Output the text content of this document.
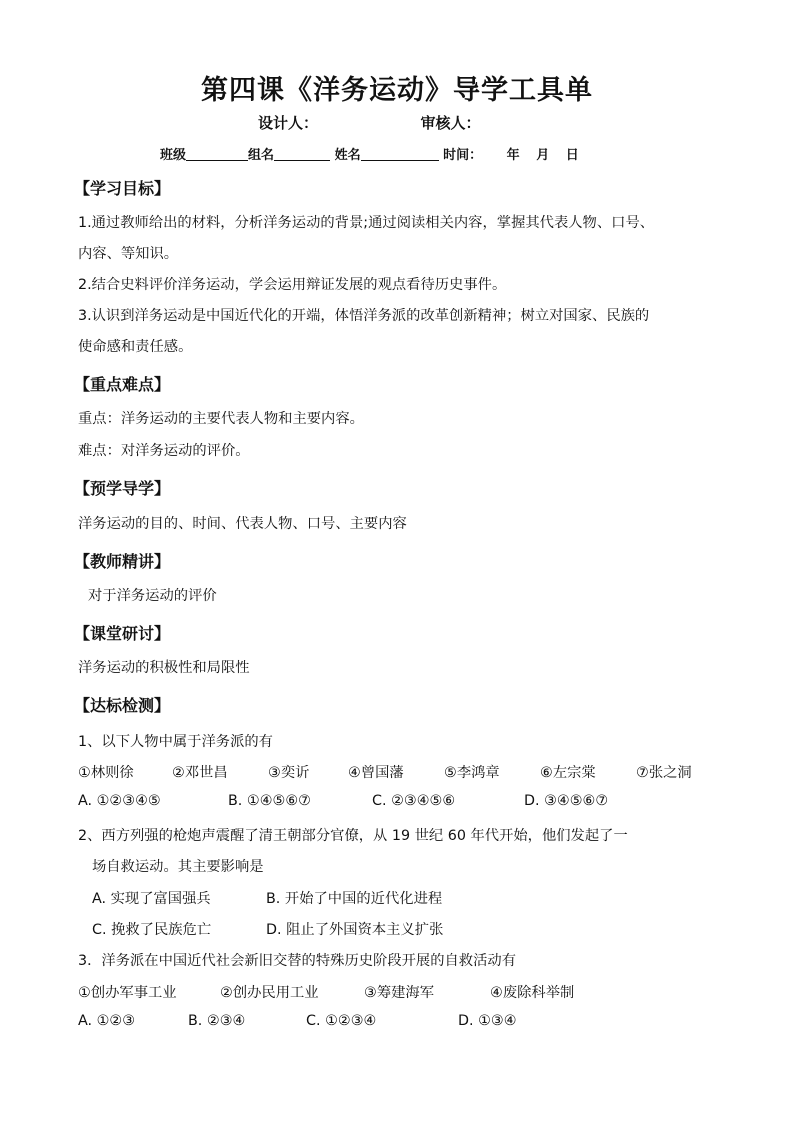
第四课《洋务运动》导学工具单
设计人：	审核人：
班级	组名	姓名	时间： 年 月 日
【学习目标】
1.通过教师给出的材料，分析洋务运动的背景;通过阅读相关内容，掌握其代表人物、口号、
内容、等知识。
2.结合史料评价洋务运动，学会运用辩证发展的观点看待历史事件。
3.认识到洋务运动是中国近代化的开端，体悟洋务派的改革创新精神；树立对国家、民族的
使命感和责任感。
【重点难点】
重点：洋务运动的主要代表人物和主要内容。
难点：对洋务运动的评价。
【预学导学】
洋务运动的目的、时间、代表人物、口号、主要内容
【教师精讲】
对于洋务运动的评价
【课堂研讨】
洋务运动的积极性和局限性
【达标检测】
1、以下人物中属于洋务派的有
①林则徐	②邓世昌	③奕䜣	④曾国藩	⑤李鸿章	⑥左宗棠	⑦张之洞
A. ①②③④⑤	B. ①④⑤⑥⑦	C. ②③④⑤⑥	D. ③④⑤⑥⑦
2、西方列强的枪炮声震醒了清王朝部分官僚，从 19 世纪 60 年代开始，他们发起了一
场自救运动。其主要影响是
A. 实现了富国强兵	B. 开始了中国的近代化进程
C. 挽救了民族危亡	D. 阻止了外国资本主义扩张
3．洋务派在中国近代社会新旧交替的特殊历史阶段开展的自救活动有
①创办军事工业	②创办民用工业	③筹建海军	④废除科举制
A. ①②③	B. ②③④	C. ①②③④	D. ①③④
